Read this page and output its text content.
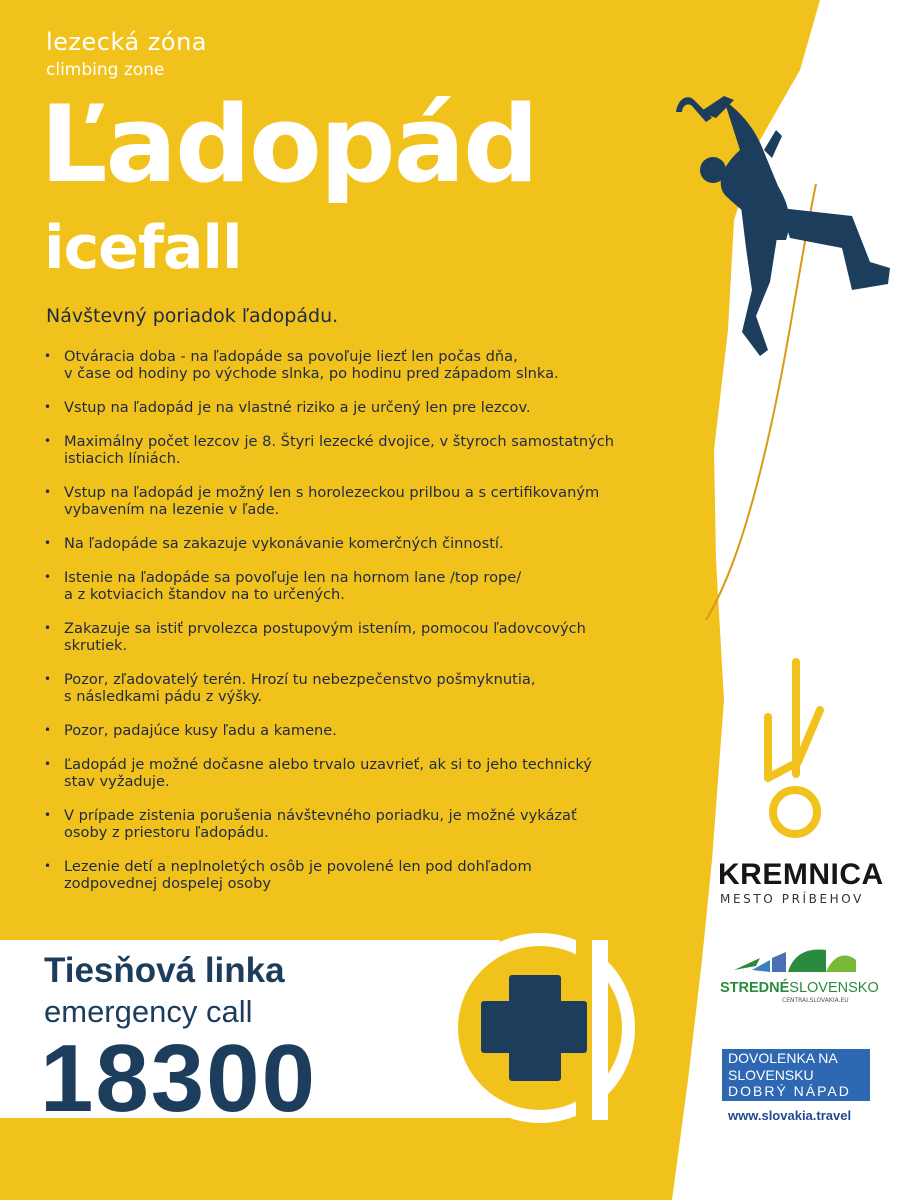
lezecká zóna
climbing zone
Ľadopád
icefall
Návštevný poriadok ľadopádu.
• Otváracia doba - na ľadopáde sa povoľuje liezť len počas dňa,
v čase od hodiny po východe slnka, po hodinu pred západom slnka.
• Vstup na ľadopád je na vlastné riziko a je určený len pre lezcov.
• Maximálny počet lezcov je 8. Štyri lezecké dvojice, v štyroch samostatných
istiacich líniách.
• Vstup na ľadopád je možný len s horolezeckou prilbou a s certifikovaným
vybavením na lezenie v ľade.
• Na ľadopáde sa zakazuje vykonávanie komerčných činností.
• Istenie na ľadopáde sa povoľuje len na hornom lane /top rope/
a z kotviacich štandov na to určených.
• Zakazuje sa istiť prvolezca postupovým istením, pomocou ľadovcových
skrutiek.
• Pozor, zľadovatelý terén. Hrozí tu nebezpečenstvo pošmyknutia,
s následkami pádu z výšky.
• Pozor, padajúce kusy ľadu a kamene.
• Ľadopád je možné dočasne alebo trvalo uzavrieť, ak si to jeho technický
stav vyžaduje.
• V prípade zistenia porušenia návštevného poriadku, je možné vykázať
osoby z priestoru ľadopádu.
• Lezenie detí a neplnoletých osôb je povolené len pod dohľadom
zodpovednej dospelej osoby
Tiesňová linka
emergency call
18300
KREMNICA
MESTO PRÍBEHOV
STREDNÉSLOVENSKO
CENTRALSLOVAKIA.EU
DOVOLENKA NA
SLOVENSKU
DOBRÝ NÁPAD
www.slovakia.travel
